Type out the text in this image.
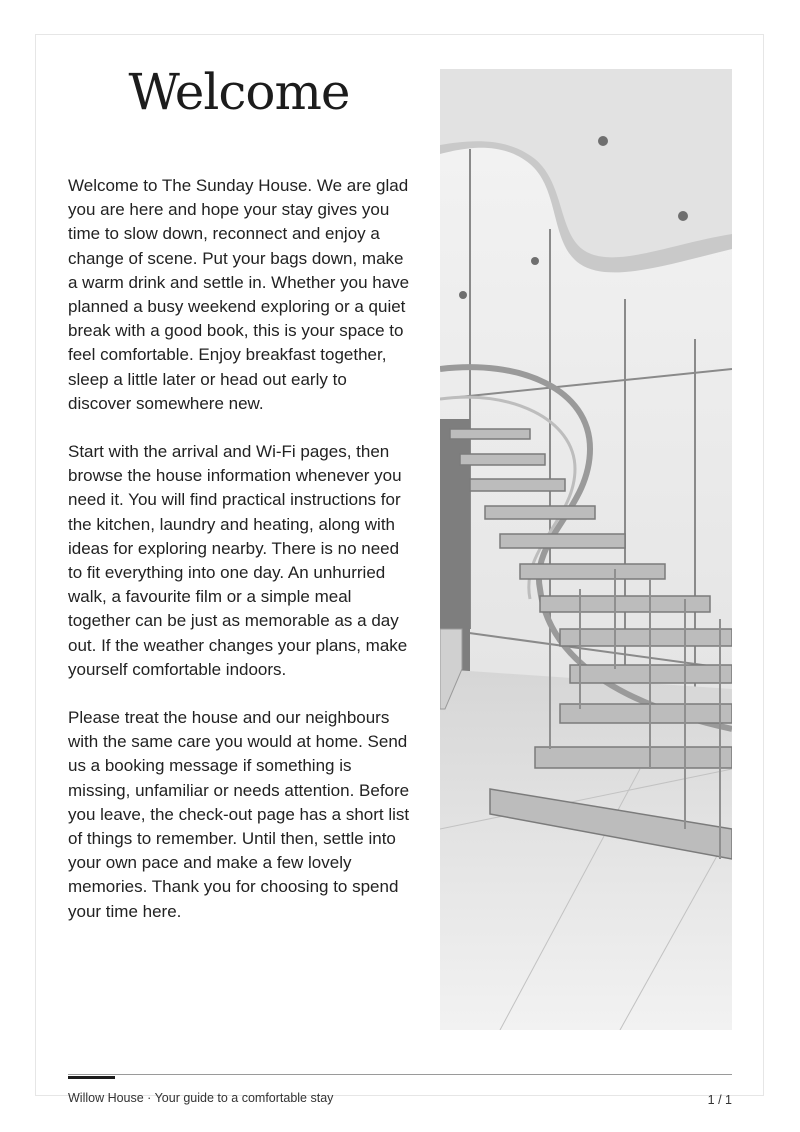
Welcome

Welcome to The Sunday House. We are glad you are here and hope your stay gives you time to slow down, reconnect and enjoy a change of scene. Put your bags down, make a warm drink and settle in. Whether you have planned a busy weekend exploring or a quiet break with a good book, this is your space to feel comfortable. Enjoy breakfast together, sleep a little later or head out early to discover somewhere new.

Start with the arrival and Wi-Fi pages, then browse the house information whenever you need it. You will find practical instructions for the kitchen, laundry and heating, along with ideas for exploring nearby. There is no need to fit everything into one day. An unhurried walk, a favourite film or a simple meal together can be just as memorable as a day out. If the weather changes your plans, make yourself comfortable indoors.

Please treat the house and our neighbours with the same care you would at home. Send us a booking message if something is missing, unfamiliar or needs attention. Before you leave, the check-out page has a short list of things to remember. Until then, settle into your own pace and make a few lovely memories. Thank you for choosing to spend your time here.

Willow House · Your guide to a comfortable stay	1 / 1
